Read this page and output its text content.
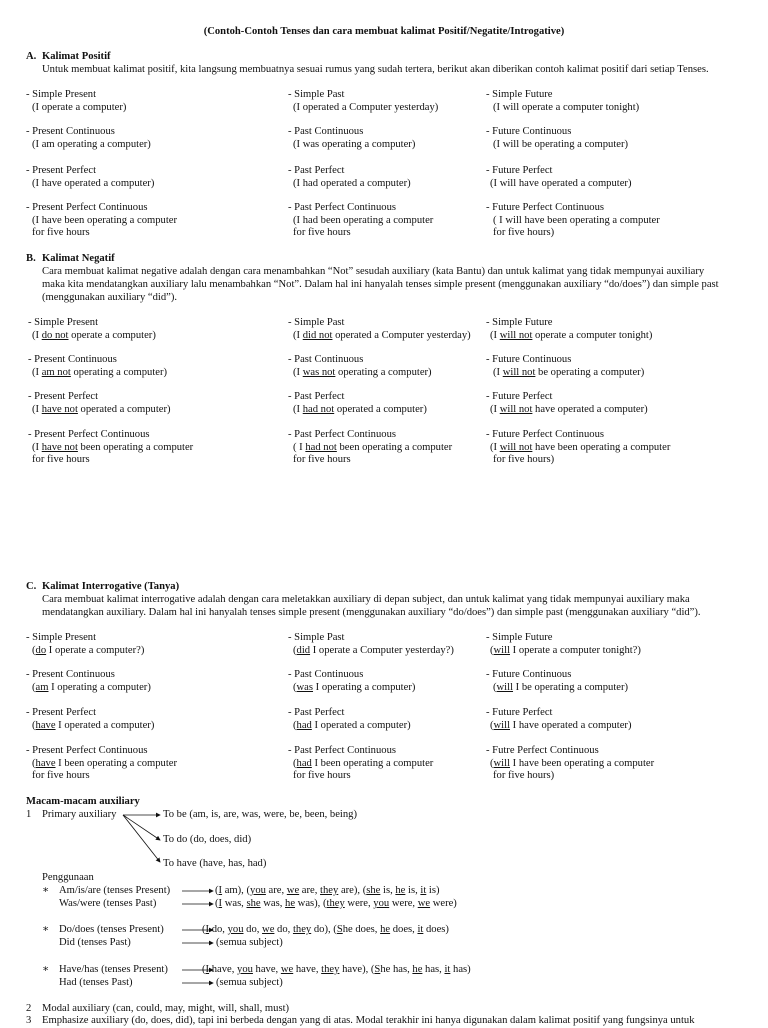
(Contoh-Contoh Tenses dan cara membuat kalimat Positif/Negatite/Introgative)
A. Kalimat Positif
Untuk membuat kalimat positif, kita langsung membuatnya sesuai rumus yang sudah tertera, berikut akan diberikan contoh kalimat positif dari setiap Tenses.
- Simple Present
(I operate a computer)
- Simple Past
(I operated a Computer yesterday)
- Simple Future
(I will operate a computer tonight)
- Present Continuous
(I am operating a computer)
- Past Continuous
(I was operating a computer)
- Future Continuous
(I will be operating a computer)
- Present Perfect
(I have operated a computer)
- Past Perfect
(I had operated a computer)
- Future Perfect
(I will have operated a computer)
- Present Perfect Continuous
(I have been operating a computer
for five hours
- Past Perfect Continuous
(I had been operating a computer
for five hours
- Future Perfect Continuous
( I will have been operating a computer
for five hours)
B. Kalimat Negatif
Cara membuat kalimat negative adalah dengan cara menambahkan “Not” sesudah auxiliary (kata Bantu) dan untuk kalimat yang tidak mempunyai auxiliary
maka kita mendatangkan auxiliary lalu menambahkan “Not”. Dalam hal ini hanyalah tenses simple present (menggunakan auxiliary “do/does”) dan simple past
(menggunakan auxiliary “did”).
- Simple Present
(I do not operate a computer)
- Simple Past
(I did not operated a Computer yesterday)
- Simple Future
(I will not operate a computer tonight)
- Present Continuous
(I am not operating a computer)
- Past Continuous
(I was not operating a computer)
- Future Continuous
(I will not be operating a computer)
- Present Perfect
(I have not operated a computer)
- Past Perfect
(I had not operated a computer)
- Future Perfect
(I will not have operated a computer)
- Present Perfect Continuous
(I have not been operating a computer
for five hours
- Past Perfect Continuous
( I had not been operating a computer
for five hours
- Future Perfect Continuous
(I will not have been operating a computer
for five hours)
C. Kalimat Interrogative (Tanya)
Cara membuat kalimat interrogative adalah dengan cara meletakkan auxiliary di depan subject, dan untuk kalimat yang tidak mempunyai auxiliary maka
mendatangkan auxiliary. Dalam hal ini hanyalah tenses simple present (menggunakan auxiliary “do/does”) dan simple past (menggunakan auxiliary “did”).
- Simple Present
(do I operate a computer?)
- Simple Past
(did I operate a Computer yesterday?)
- Simple Future
(will I operate a computer tonight?)
- Present Continuous
(am I operating a computer)
- Past Continuous
(was I operating a computer)
- Future Continuous
(will I be operating a computer)
- Present Perfect
(have I operated a computer)
- Past Perfect
(had I operated a computer)
- Future Perfect
(will I have operated a computer)
- Present Perfect Continuous
(have I been operating a computer
for five hours
- Past Perfect Continuous
(had I been operating a computer
for five hours
- Futre Perfect Continuous
(will I have been operating a computer
for five hours)
Macam-macam auxiliary
1 Primary auxiliary	To be (am, is, are, was, were, be, been, being)
To do (do, does, did)
To have (have, has, had)
Penggunaan
∗ Am/is/are (tenses Present)
Was/were (tenses Past)
(I am), (you are, we are, they are), (she is, he is, it is)
(I was, she was, he was), (they were, you were, we were)
∗ Do/does (tenses Present)
Did (tenses Past)
(I do, you do, we do, they do), (She does, he does, it does)
(semua subject)
∗ Have/has (tenses Present)
Had (tenses Past)
(I have, you have, we have, they have), (She has, he has, it has)
(semua subject)
2 Modal auxiliary (can, could, may, might, will, shall, must)
3 Emphasize auxiliary (do, does, did), tapi ini berbeda dengan yang di atas. Modal terakhir ini hanya digunakan dalam kalimat positif yang fungsinya untuk
